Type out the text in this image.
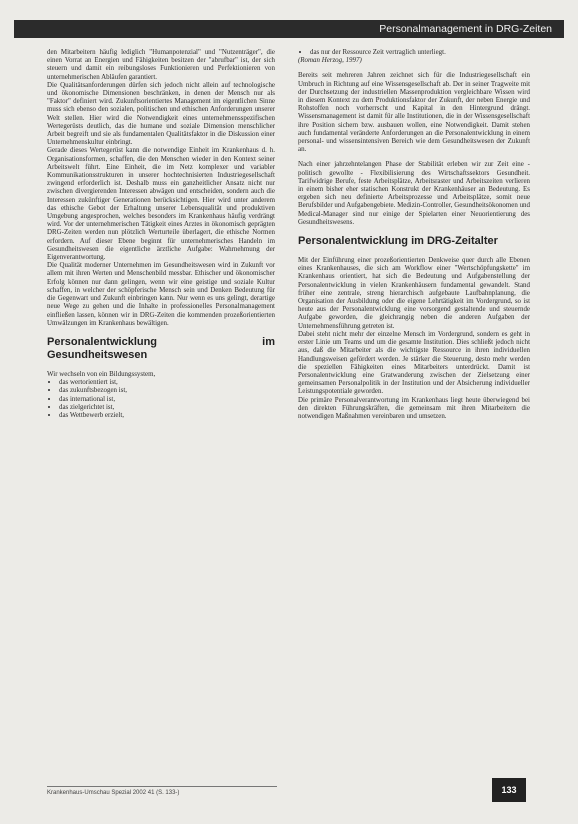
Personalmanagement in DRG-Zeiten

den Mitarbeitern häufig lediglich "Humanpotenzial" und "Nutzenträger", die einen Vorrat an Energien und Fähigkeiten besitzen der "abrufbar" ist, der sich steuern und damit ein reibungsloses Funktionieren und Perfektionieren von unternehmerischen Abläufen garantiert.

Die Qualitätsanforderungen dürfen sich jedoch nicht allein auf technologische und ökonomische Dimensionen beschränken, in denen der Mensch nur als "Faktor" definiert wird. Zukunftsorientiertes Management im eigentlichen Sinne muss sich ebenso den sozialen, politischen und ethischen Anforderungen unserer Welt stellen. Hier wird die Notwendigkeit eines unternehmensspezifischen Wertegerüsts deutlich, das die humane und soziale Dimension menschlicher Arbeit begreift und sie als fundamentalen Qualitätsfaktor in die Diskussion einer Unternehmenskultur einbringt.

Gerade dieses Wertegerüst kann die notwendige Einheit im Krankenhaus d. h. Organisationsformen, schaffen, die den Menschen wieder in den Kontext seiner Arbeitswelt führt. Eine Einheit, die im Netz komplexer und variabler Kommunikationsstrukturen in unserer hochtechnisierten Industriegesellschaft zwingend erforderlich ist. Deshalb muss ein ganzheitlicher Ansatz nicht nur zwischen divergierenden Interessen abwägen und entscheiden, sondern auch die Interessen zukünftiger Generationen berücksichtigen. Hier wird unter anderem das ethische Gebot der Erhaltung unserer Lebensqualität und produktiven Umgebung angesprochen, welches besonders im Krankenhaus häufig verdrängt wird. Vor der unternehmerischen Tätigkeit eines Arztes in ökonomisch geprägten DRG-Zeiten werden nun plötzlich Werturteile überlagert, die ethische Normen erfordern. Auf dieser Ebene beginnt für unternehmerisches Handeln im Gesundheitswesen die eigentliche ärztliche Aufgabe: Wahrnehmung der Eigenverantwortung.

Die Qualität moderner Unternehmen im Gesundheitswesen wird in Zukunft vor allem mit ihren Werten und Menschenbild messbar. Ethischer und ökonomischer Erfolg können nur dann gelingen, wenn wir eine geistige und soziale Kultur schaffen, in welcher der schöpferische Mensch sein und Denken Bedeutung für die Gegenwart und Zukunft einbringen kann. Nur wenn es uns gelingt, derartige neue Wege zu gehen und die Inhalte in professionelles Personalmanagement einfließen lassen, können wir in DRG-Zeiten die kommenden prozeßorientierten Umwälzungen im Krankenhaus bewältigen.

Personalentwicklung im Gesundheitswesen

Wir wechseln von ein Bildungssystem,

• das wertorientiert ist,
• das zukunftsbezogen ist,
• das international ist,
• das zielgerichtet ist,
• das Wettbewerb erzielt,
• das nur der Ressource Zeit vertraglich unterliegt.

(Roman Herzog, 1997)

Bereits seit mehreren Jahren zeichnet sich für die Industriegesellschaft ein Umbruch in Richtung auf eine Wissensgesellschaft ab. Der in seiner Tragweite mit der Durchsetzung der industriellen Massenproduktion vergleichbare Wissen wird in diesem Kontext zu dem Produktionsfaktor der Zukunft, der neben Energie und Rohstoffen noch vorherrscht und Kapital in den Hintergrund drängt. Wissensmanagement ist damit für alle Institutionen, die in der Wissensgesellschaft ihre Position sichern bzw. ausbauen wollen, eine Notwendigkeit. Damit stehen auch fundamental veränderte Anforderungen an die Personalentwicklung in einem personal- und wissensintensiven Bereich wie dem Gesundheitswesen der Zukunft an.

Nach einer jahrzehntelangen Phase der Stabilität erleben wir zur Zeit eine - politisch gewollte - Flexibilisierung des Wirtschaftssektors Gesundheit. Tarifwidrige Berufe, feste Arbeitsplätze, Arbeitsraster und Arbeitszeiten verlieren in einem bisher eher statischen Konstrukt der Krankenhäuser an Bedeutung. Es ergeben sich neu definierte Arbeitsprozesse und Arbeitsplätze, somit neue Berufsbilder und Aufgabengebiete. Medizin-Controller, Gesundheitsökonomen und Medical-Manager sind nur einige der Spielarten einer Neuorientierung des Gesundheitswesens.

Personalentwicklung im DRG-Zeitalter

Mit der Einführung einer prozeßorientierten Denkweise quer durch alle Ebenen eines Krankenhauses, die sich am Workflow einer "Wertschöpfungskette" im Krankenhaus orientiert, hat sich die Bedeutung und Aufgabenstellung der Personalentwicklung in vielen Krankenhäusern fundamental gewandelt. Stand früher eine zentrale, streng hierarchisch aufgebaute Laufbahnplanung, die Organisation der Ausbildung oder die eigene Lehrtätigkeit im Vordergrund, so ist heute aus der Personalentwicklung eine vorsorgend gestaltende und steuernde Aufgabe geworden, die gleichrangig neben die anderen Aufgaben der Unternehmensführung getreten ist.

Dabei steht nicht mehr der einzelne Mensch im Vordergrund, sondern es geht in erster Linie um Teams und um die gesamte Institution. Dies schließt jedoch nicht aus, daß die Mitarbeiter als die wichtigste Ressource in ihren individuellen Handlungsweisen gefördert werden. Je stärker die Steuerung, desto mehr werden die speziellen Fähigkeiten eines Mitarbeiters unterdrückt. Damit ist Personalentwicklung eine Gratwanderung zwischen der Zielsetzung einer gemeinsamen Personalpolitik in der Institution und der Absicherung individueller Leistungspotentiale geworden.

Die primäre Personalverantwortung im Krankenhaus liegt heute überwiegend bei den direkten Führungskräften, die gemeinsam mit ihren Mitarbeitern die notwendigen Maßnahmen vereinbaren und umsetzen.

Krankenhaus-Umschau Spezial 2002 41 (S. 133-)	133
